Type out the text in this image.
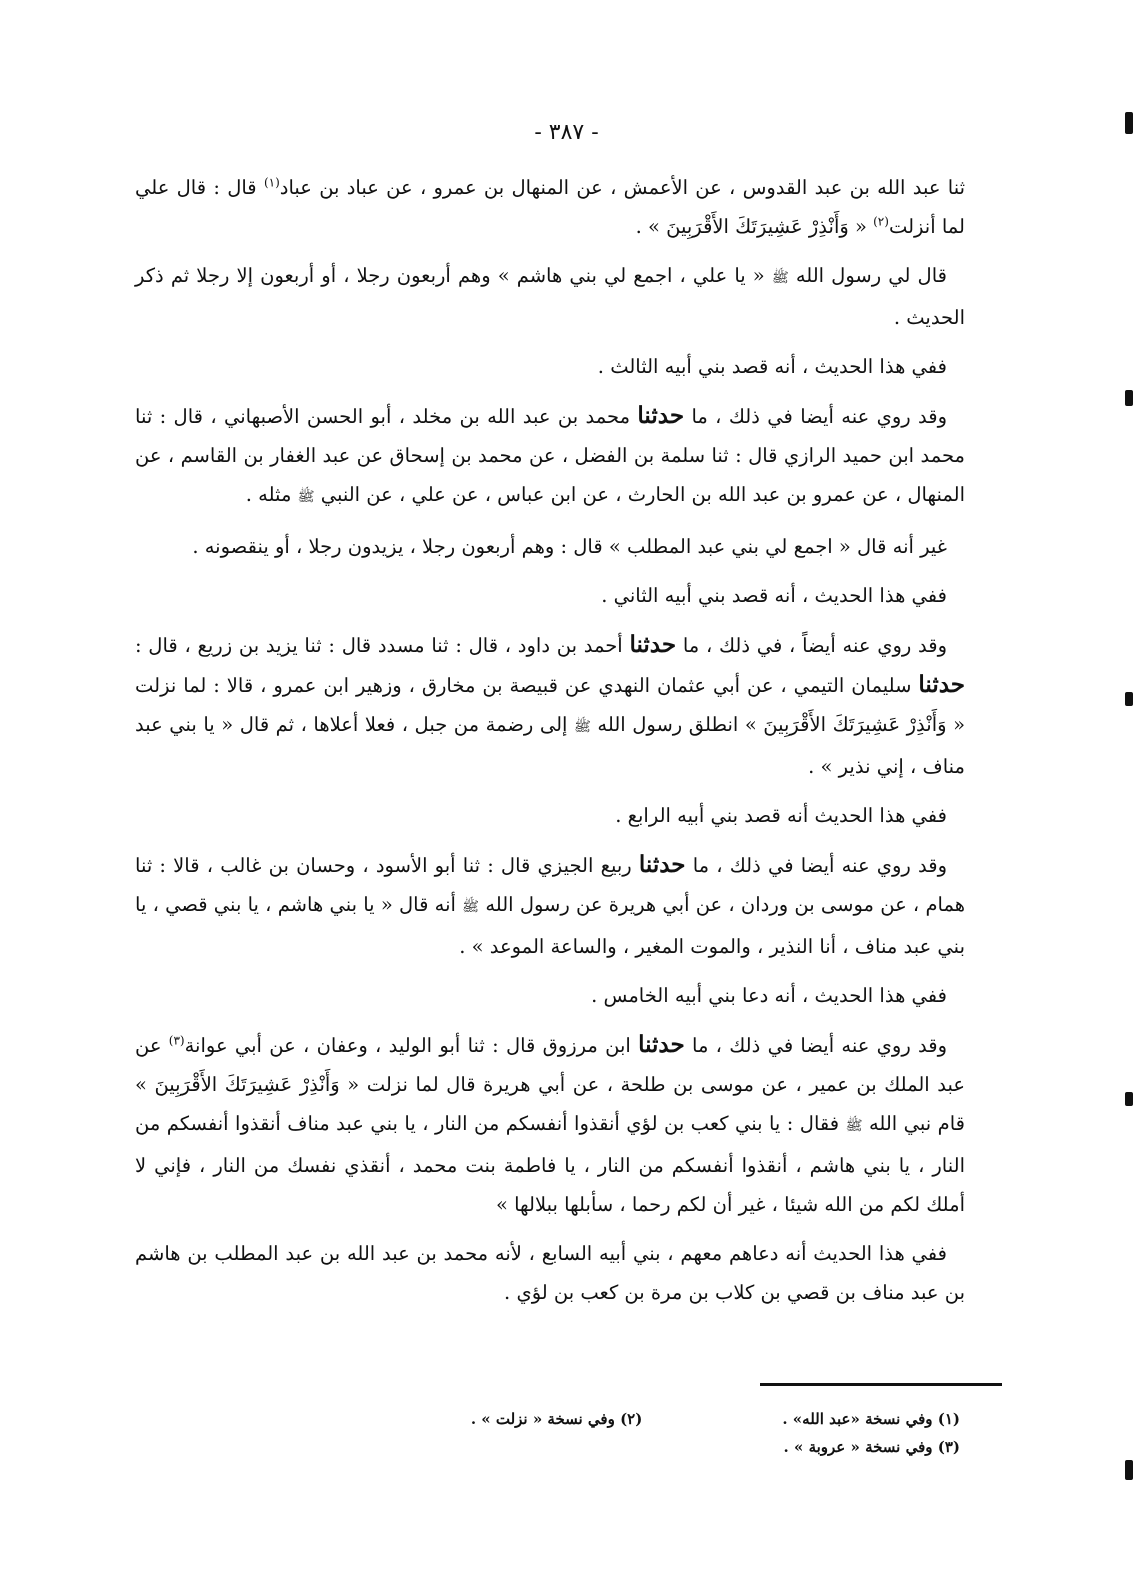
- ٣٨٧ -

ثنا عبد الله بن عبد القدوس ، عن الأعمش ، عن المنهال بن عمرو ، عن عباد بن عباد$^{(١)}$ قال : قال علي لما أنزلت$^{(٢)}$ « وَأَنْذِرْ عَشِيرَتَكَ الأَقْرَبِينَ » .

قال لي رسول الله ﷺ « يا علي ، اجمع لي بني هاشم » وهم أربعون رجلا ، أو أربعون إلا رجلا ثم ذكر الحديث .

ففي هذا الحديث ، أنه قصد بني أبيه الثالث .

وقد روي عنه أيضا في ذلك ، ما حدثنا محمد بن عبد الله بن مخلد ، أبو الحسن الأصبهاني ، قال : ثنا محمد ابن حميد الرازي قال : ثنا سلمة بن الفضل ، عن محمد بن إسحاق عن عبد الغفار بن القاسم ، عن المنهال ، عن عمرو بن عبد الله بن الحارث ، عن ابن عباس ، عن علي ، عن النبي ﷺ مثله .

غير أنه قال « اجمع لي بني عبد المطلب » قال : وهم أربعون رجلا ، يزيدون رجلا ، أو ينقصونه .

ففي هذا الحديث ، أنه قصد بني أبيه الثاني .

وقد روي عنه أيضاً ، في ذلك ، ما حدثنا أحمد بن داود ، قال : ثنا مسدد قال : ثنا يزيد بن زريع ، قال : حدثنا سليمان التيمي ، عن أبي عثمان النهدي عن قبيصة بن مخارق ، وزهير ابن عمرو ، قالا : لما نزلت « وَأَنْذِرْ عَشِيرَتَكَ الأَقْرَبِينَ » انطلق رسول الله ﷺ إلى رضمة من جبل ، فعلا أعلاها ، ثم قال « يا بني عبد مناف ، إني نذير » .

ففي هذا الحديث أنه قصد بني أبيه الرابع .

وقد روي عنه أيضا في ذلك ، ما حدثنا ربيع الجيزي قال : ثنا أبو الأسود ، وحسان بن غالب ، قالا : ثنا همام ، عن موسى بن وردان ، عن أبي هريرة عن رسول الله ﷺ أنه قال « يا بني هاشم ، يا بني قصي ، يا بني عبد مناف ، أنا النذير ، والموت المغير ، والساعة الموعد » .

ففي هذا الحديث ، أنه دعا بني أبيه الخامس .

وقد روي عنه أيضا في ذلك ، ما حدثنا ابن مرزوق قال : ثنا أبو الوليد ، وعفان ، عن أبي عوانة$^{(٣)}$ عن عبد الملك بن عمير ، عن موسى بن طلحة ، عن أبي هريرة قال لما نزلت « وَأَنْذِرْ عَشِيرَتَكَ الأَقْرَبِينَ » قام نبي الله ﷺ فقال : يا بني كعب بن لؤي أنقذوا أنفسكم من النار ، يا بني عبد مناف أنقذوا أنفسكم من النار ، يا بني هاشم ، أنقذوا أنفسكم من النار ، يا فاطمة بنت محمد ، أنقذي نفسك من النار ، فإني لا أملك لكم من الله شيئا ، غير أن لكم رحما ، سأبلها ببلالها »

ففي هذا الحديث أنه دعاهم معهم ، بني أبيه السابع ، لأنه محمد بن عبد الله بن عبد المطلب بن هاشم بن عبد مناف بن قصي بن كلاب بن مرة بن كعب بن لؤي .

(١) وفي نسخة «عبد الله» .
(٢) وفي نسخة « نزلت » .
(٣) وفي نسخة « عروبة » .
